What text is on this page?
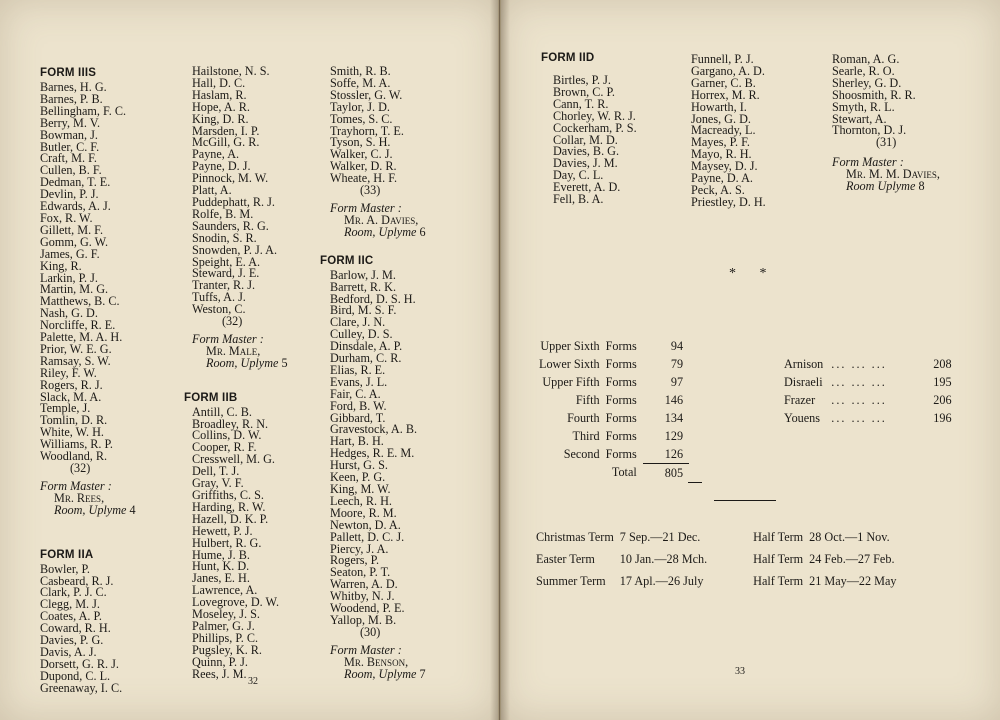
FORM IIIS
Barnes, H. G.
Barnes, P. B.
Bellingham, F. C.
Berry, M. V.
Bowman, J.
Butler, C. F.
Craft, M. F.
Cullen, B. F.
Dedman, T. E.
Devlin, P. J.
Edwards, A. J.
Fox, R. W.
Gillett, M. F.
Gomm, G. W.
James, G. F.
King, R.
Larkin, P. J.
Martin, M. G.
Matthews, B. C.
Nash, G. D.
Norcliffe, R. E.
Palette, M. A. H.
Prior, W. E. G.
Ramsay, S. W.
Riley, F. W.
Rogers, R. J.
Slack, M. A.
Temple, J.
Tomlin, D. R.
White, W. H.
Williams, R. P.
Woodland, R.
(32)
Form Master :
Mr. Rees,
Room, Uplyme 4
FORM IIA
Bowler, P.
Casbeard, R. J.
Clark, P. J. C.
Clegg, M. J.
Coates, A. P.
Coward, R. H.
Davies, P. G.
Davis, A. J.
Dorsett, G. R. J.
Dupond, C. L.
Greenaway, I. C.
Hailstone, N. S.
Hall, D. C.
Haslam, R.
Hope, A. R.
King, D. R.
Marsden, I. P.
McGill, G. R.
Payne, A.
Payne, D. J.
Pinnock, M. W.
Platt, A.
Puddephatt, R. J.
Rolfe, B. M.
Saunders, R. G.
Snodin, S. R.
Snowden, P. J. A.
Speight, E. A.
Steward, J. E.
Tranter, R. J.
Tuffs, A. J.
Weston, C.
(32)
Form Master :
Mr. Male,
Room, Uplyme 5
FORM IIB
Antill, C. B.
Broadley, R. N.
Collins, D. W.
Cooper, R. F.
Cresswell, M. G.
Dell, T. J.
Gray, V. F.
Griffiths, C. S.
Harding, R. W.
Hazell, D. K. P.
Hewett, P. J.
Hulbert, R. G.
Hume, J. B.
Hunt, K. D.
Janes, E. H.
Lawrence, A.
Lovegrove, D. W.
Moseley, J. S.
Palmer, G. J.
Phillips, P. C.
Pugsley, K. R.
Quinn, P. J.
Rees, J. M.
Smith, R. B.
Soffe, M. A.
Stossler, G. W.
Taylor, J. D.
Tomes, S. C.
Trayhorn, T. E.
Tyson, S. H.
Walker, C. J.
Walker, D. R.
Wheate, H. F.
(33)
Form Master :
Mr. A. Davies,
Room, Uplyme 6
FORM IIC
Barlow, J. M.
Barrett, R. K.
Bedford, D. S. H.
Bird, M. S. F.
Clare, J. N.
Culley, D. S.
Dinsdale, A. P.
Durham, C. R.
Elias, R. E.
Evans, J. L.
Fair, C. A.
Ford, B. W.
Gibbard, T.
Gravestock, A. B.
Hart, B. H.
Hedges, R. E. M.
Hurst, G. S.
Keen, P. G.
King, M. W.
Leech, R. H.
Moore, R. M.
Newton, D. A.
Pallett, D. C. J.
Piercy, J. A.
Rogers, P.
Seaton, P. T.
Warren, A. D.
Whitby, N. J.
Woodend, P. E.
Yallop, M. B.
(30)
Form Master :
Mr. Benson,
Room, Uplyme 7
32
FORM IID
Birtles, P. J.
Brown, C. P.
Cann, T. R.
Chorley, W. R. J.
Cockerham, P. S.
Collar, M. D.
Davies, B. G.
Davies, J. M.
Day, C. L.
Everett, A. D.
Fell, B. A.
Funnell, P. J.
Gargano, A. D.
Garner, C. B.
Horrex, M. R.
Howarth, I.
Jones, G. D.
Macready, L.
Mayes, P. F.
Mayo, R. H.
Maysey, D. J.
Payne, D. A.
Peck, A. S.
Priestley, D. H.
Roman, A. G.
Searle, R. O.
Sherley, G. D.
Shoosmith, R. R.
Smyth, R. L.
Stewart, A.
Thornton, D. J.
(31)
Form Master :
Mr. M. M. Davies,
Room Uplyme 8
* *
Upper Sixth	Forms	94
Lower Sixth	Forms	79
Upper Fifth	Forms	97
Fifth	Forms	146
Fourth	Forms	134
Third	Forms	129
Second	Forms	126
	Total	805
Arnison	... ... ...	208
Disraeli	... ... ...	195
Frazer	... ... ...	206
Youens	... ... ...	196
Christmas Term	7 Sep.—21 Dec.		Half Term	28 Oct.—1 Nov.
Easter Term	10 Jan.—28 Mch.		Half Term	24 Feb.—27 Feb.
Summer Term	17 Apl.—26 July		Half Term	21 May—22 May
33
